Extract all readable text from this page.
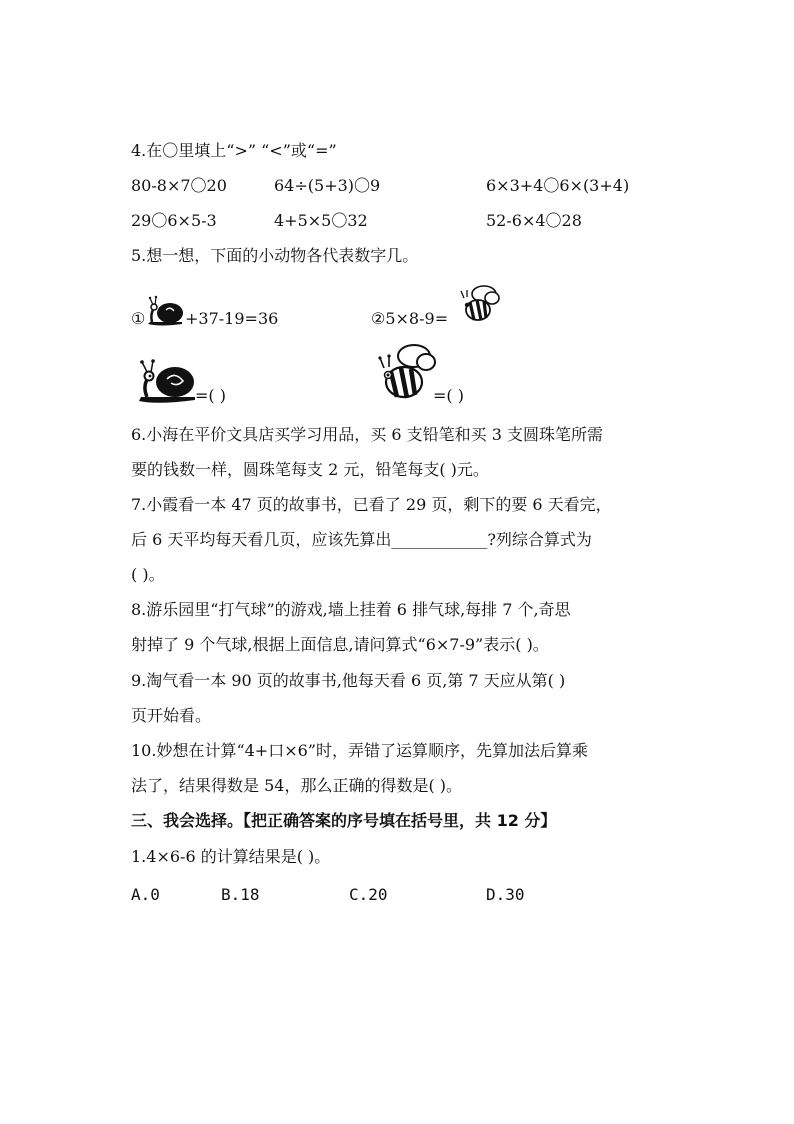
4.在〇里填上“>” “<”或“=”
80-8×7〇20	64÷(5+3)〇9	6×3+4〇6×(3+4)
29〇6×5-3	4+5×5〇32	52-6×4〇28
5.想一想，下面的小动物各代表数字几。
① +37-19=36	②5×8-9=
=( )	=( )
6.小海在平价文具店买学习用品，买 6 支铅笔和买 3 支圆珠笔所需
要的钱数一样，圆珠笔每支 2 元，铅笔每支( )元。
7.小霞看一本 47 页的故事书，已看了 29 页，剩下的要 6 天看完，
后 6 天平均每天看几页，应该先算出____________?列综合算式为
( )。
8.游乐园里“打气球”的游戏,墙上挂着 6 排气球,每排 7 个,奇思
射掉了 9 个气球,根据上面信息,请问算式“6×7-9”表示( )。
9.淘气看一本 90 页的故事书,他每天看 6 页,第 7 天应从第( )
页开始看。
10.妙想在计算“4+口×6”时，弄错了运算顺序，先算加法后算乘
法了，结果得数是 54，那么正确的得数是( )。
三、我会选择。【把正确答案的序号填在括号里，共 12 分】
1.4×6-6 的计算结果是( )。
A.0	B.18	C.20	D.30
